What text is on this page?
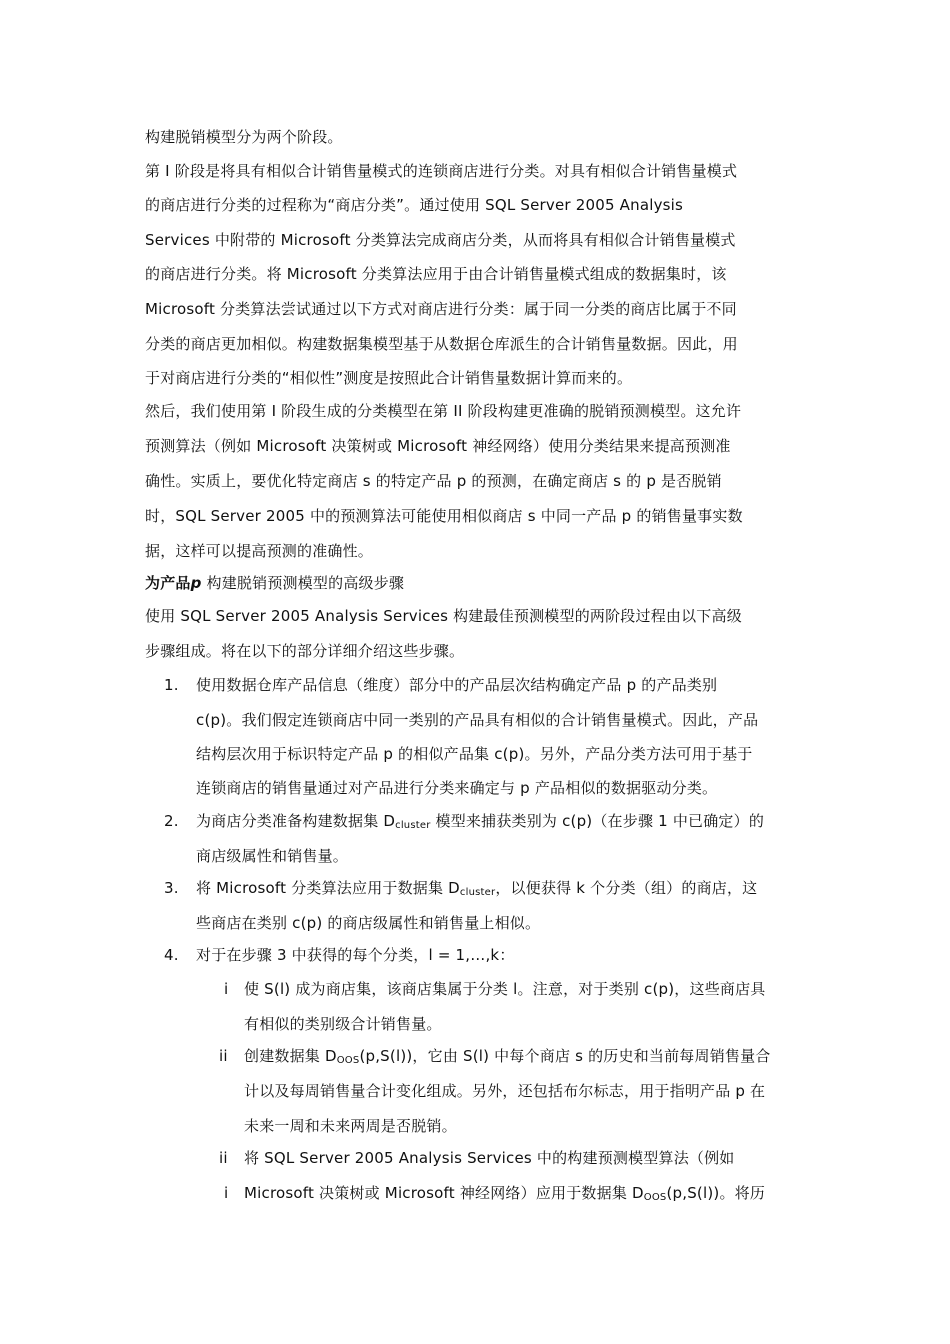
构建脱销模型分为两个阶段。
第 I 阶段是将具有相似合计销售量模式的连锁商店进行分类。对具有相似合计销售量模式
的商店进行分类的过程称为“商店分类”。通过使用 SQL Server 2005 Analysis
Services 中附带的 Microsoft 分类算法完成商店分类，从而将具有相似合计销售量模式
的商店进行分类。将 Microsoft 分类算法应用于由合计销售量模式组成的数据集时，该
Microsoft 分类算法尝试通过以下方式对商店进行分类：属于同一分类的商店比属于不同
分类的商店更加相似。构建数据集模型基于从数据仓库派生的合计销售量数据。因此，用
于对商店进行分类的“相似性”测度是按照此合计销售量数据计算而来的。
然后，我们使用第 I 阶段生成的分类模型在第 II 阶段构建更准确的脱销预测模型。这允许
预测算法（例如 Microsoft 决策树或 Microsoft 神经网络）使用分类结果来提高预测准
确性。实质上，要优化特定商店 s 的特定产品 p 的预测，在确定商店 s 的 p 是否脱销
时，SQL Server 2005 中的预测算法可能使用相似商店 s 中同一产品 p 的销售量事实数
据，这样可以提高预测的准确性。
为产品p 构建脱销预测模型的高级步骤
使用 SQL Server 2005 Analysis Services 构建最佳预测模型的两阶段过程由以下高级
步骤组成。将在以下的部分详细介绍这些步骤。
1. 使用数据仓库产品信息（维度）部分中的产品层次结构确定产品 p 的产品类别
c(p)。我们假定连锁商店中同一类别的产品具有相似的合计销售量模式。因此，产品
结构层次用于标识特定产品 p 的相似产品集 c(p)。另外，产品分类方法可用于基于
连锁商店的销售量通过对产品进行分类来确定与 p 产品相似的数据驱动分类。
2. 为商店分类准备构建数据集 $D_{cluster}$ 模型来捕获类别为 c(p)（在步骤 1 中已确定）的
商店级属性和销售量。
3. 将 Microsoft 分类算法应用于数据集 $D_{cluster}$，以便获得 k 个分类（组）的商店，这
些商店在类别 c(p) 的商店级属性和销售量上相似。
4. 对于在步骤 3 中获得的每个分类，l = 1,…,k：
i 使 S(l) 成为商店集，该商店集属于分类 l。注意，对于类别 c(p)，这些商店具
有相似的类别级合计销售量。
ii 创建数据集 $D_{OOS}(p,S(l))$，它由 S(l) 中每个商店 s 的历史和当前每周销售量合
计以及每周销售量合计变化组成。另外，还包括布尔标志，用于指明产品 p 在
未来一周和未来两周是否脱销。
ii
i
将 SQL Server 2005 Analysis Services 中的构建预测模型算法（例如
Microsoft 决策树或 Microsoft 神经网络）应用于数据集 $D_{OOS}(p,S(l))$。将历
